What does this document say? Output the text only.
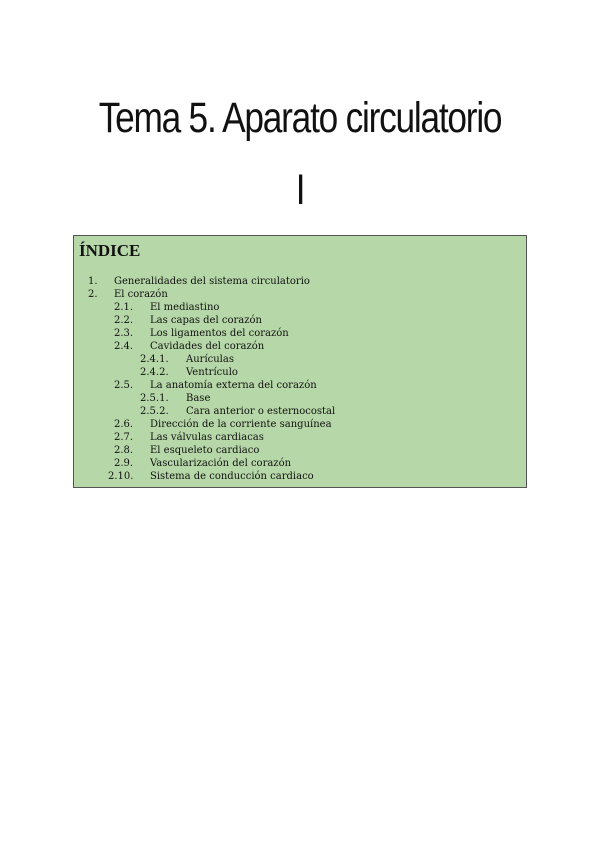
Tema 5. Aparato circulatorio
I
ÍNDICE
1. Generalidades del sistema circulatorio
2. El corazón
2.1. El mediastino
2.2. Las capas del corazón
2.3. Los ligamentos del corazón
2.4. Cavidades del corazón
2.4.1. Aurículas
2.4.2. Ventrículo
2.5. La anatomía externa del corazón
2.5.1. Base
2.5.2. Cara anterior o esternocostal
2.6. Dirección de la corriente sanguínea
2.7. Las válvulas cardiacas
2.8. El esqueleto cardiaco
2.9. Vascularización del corazón
2.10. Sistema de conducción cardiaco
